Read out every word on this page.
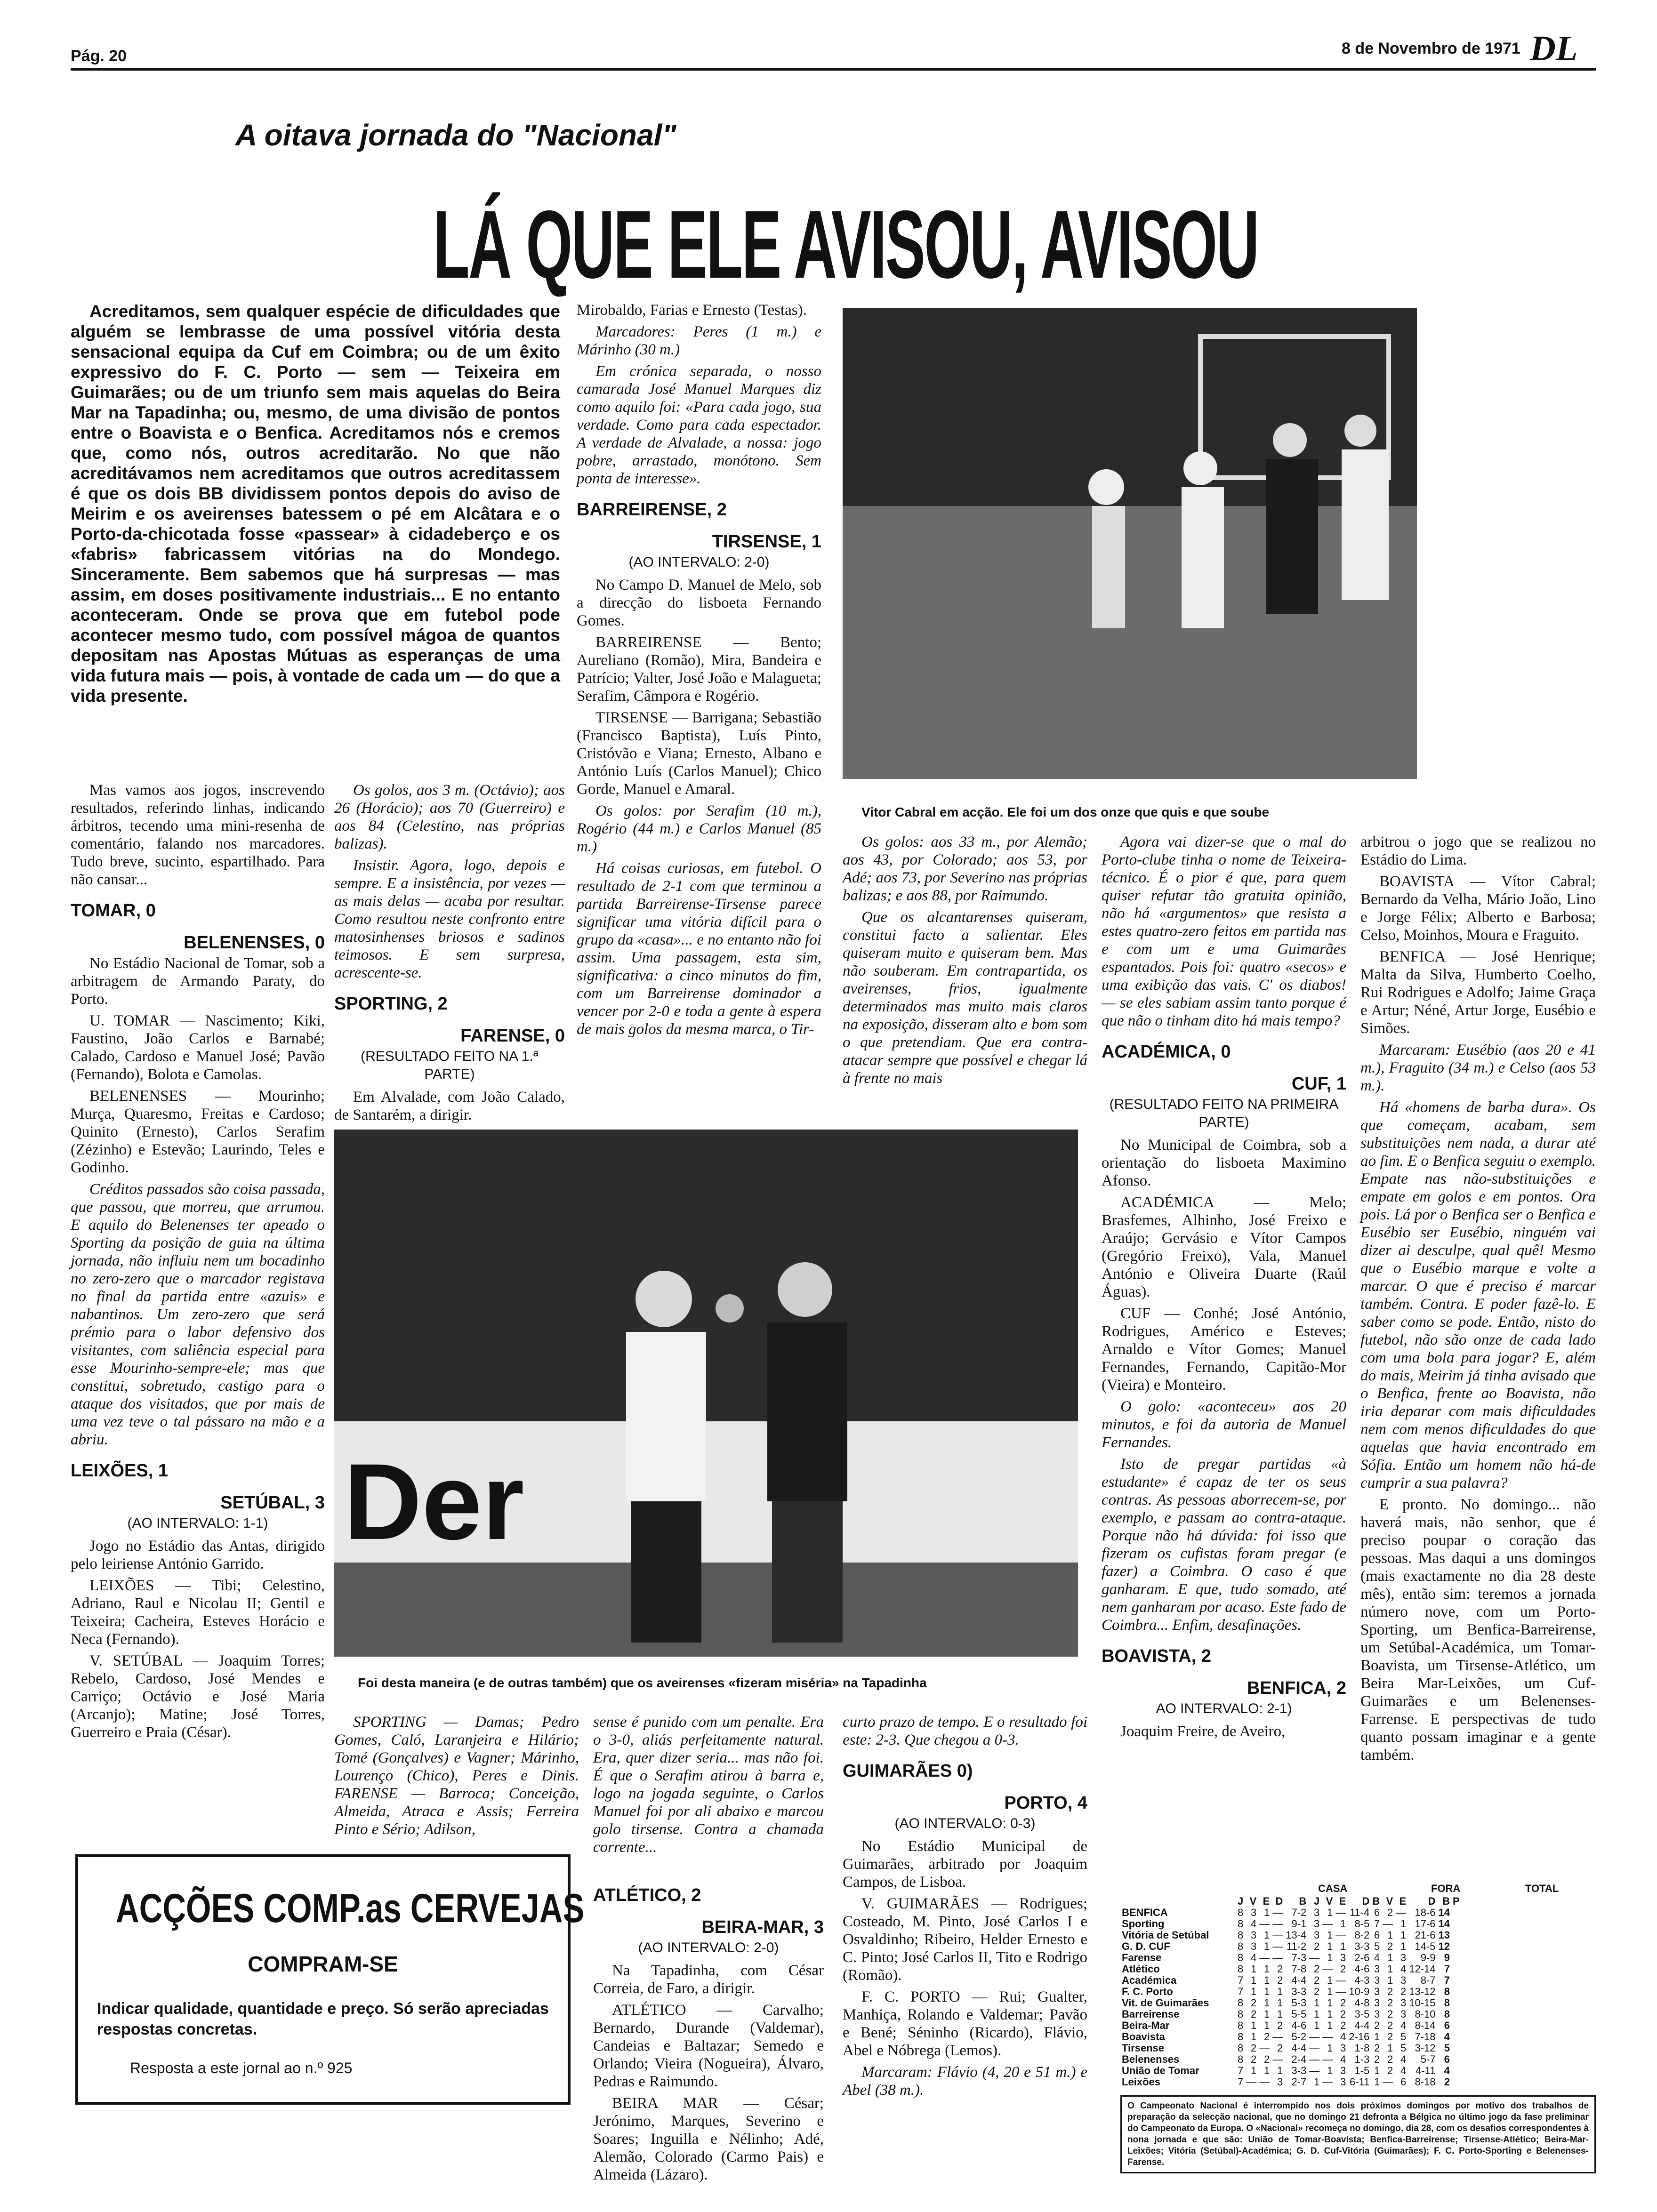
Pág. 20	8 de Novembro de 1971 DL
A oitava jornada do "Nacional"
LÁ QUE ELE AVISOU, AVISOU
Acreditamos, sem qualquer espécie de dificuldades que alguém se lembrasse de uma possível vitória desta sensacional equipa da Cuf em Coimbra; ou de um êxito expressivo do F. C. Porto — sem — Teixeira em Guimarães; ou de um triunfo sem mais aquelas do Beira Mar na Tapadinha; ou, mesmo, de uma divisão de pontos entre o Boavista e o Benfica. Acreditamos nós e cremos que, como nós, outros acreditarão. No que não acreditávamos nem acreditamos que outros acreditassem é que os dois BB dividissem pontos depois do aviso de Meirim e os aveirenses batessem o pé em Alcâtara e o Porto-da-chicotada fosse «passear» à cidadeberço e os «fabris» fabricassem vitórias na do Mondego. Sinceramente. Bem sabemos que há surpresas — mas assim, em doses positivamente industriais... E no entanto aconteceram. Onde se prova que em futebol pode acontecer mesmo tudo, com possível mágoa de quantos depositam nas Apostas Mútuas as esperanças de uma vida futura mais — pois, à vontade de cada um — do que a vida presente.

Mas vamos aos jogos, inscrevendo resultados, referindo linhas, indicando árbitros, tecendo uma mini-resenha de comentário, falando nos marcadores. Tudo breve, sucinto, espartilhado. Para não cansar...

TOMAR, 0
BELENENSES, 0

No Estádio Nacional de Tomar, sob a arbitragem de Armando Paraty, do Porto.

U. TOMAR — Nascimento; Kiki, Faustino, João Carlos e Barnabé; Calado, Cardoso e Manuel José; Pavão (Fernando), Bolota e Camolas.

BELENENSES — Mourinho; Murça, Quaresmo, Freitas e Cardoso; Quinito (Ernesto), Carlos Serafim (Zézinho) e Estevão; Laurindo, Teles e Godinho.

Créditos passados são coisa passada, que passou, que morreu, que arrumou. E aquilo do Belenenses ter apeado o Sporting da posição de guia na última jornada, não influiu nem um bocadinho no zero-zero que o marcador registava no final da partida entre «azuis» e nabantinos. Um zero-zero que será prémio para o labor defensivo dos visitantes, com saliência especial para esse Mourinho-sempre-ele; mas que constitui, sobretudo, castigo para o ataque dos visitados, que por mais de uma vez teve o tal pássaro na mão e a abriu.

LEIXÕES, 1
SETÚBAL, 3
(AO INTERVALO: 1-1)

Jogo no Estádio das Antas, dirigido pelo leiriense António Garrido.

LEIXÕES — Tibi; Celestino, Adriano, Raul e Nicolau II; Gentil e Teixeira; Cacheira, Esteves Horácio e Neca (Fernando).

V. SETÚBAL — Joaquim Torres; Rebelo, Cardoso, José Mendes e Carriço; Octávio e José Maria (Arcanjo); Matine; José Torres, Guerreiro e Praia (César).

Os golos, aos 3 m. (Octávio); aos 26 (Horácio); aos 70 (Guerreiro) e aos 84 (Celestino, nas próprias balizas).

Insistir. Agora, logo, depois e sempre. E a insistência, por vezes — as mais delas — acaba por resultar. Como resultou neste confronto entre matosinhenses briosos e sadinos teimosos. E sem surpresa, acrescente-se.

SPORTING, 2
FARENSE, 0
(RESULTADO FEITO NA 1.ª PARTE)

Em Alvalade, com João Calado, de Santarém, a dirigir.

Mirobaldo, Farias e Ernesto (Testas).

Marcadores: Peres (1 m.) e Márinho (30 m.)

Em crónica separada, o nosso camarada José Manuel Marques diz como aquilo foi: «Para cada jogo, sua verdade. Como para cada espectador. A verdade de Alvalade, a nossa: jogo pobre, arrastado, monótono. Sem ponta de interesse».

BARREIRENSE, 2
TIRSENSE, 1
(AO INTERVALO: 2-0)

No Campo D. Manuel de Melo, sob a direcção do lisboeta Fernando Gomes.

BARREIRENSE — Bento; Aureliano (Romão), Mira, Bandeira e Patrício; Valter, José João e Malagueta; Serafim, Câmpora e Rogério.

TIRSENSE — Barrigana; Sebastião (Francisco Baptista), Luís Pinto, Cristóvão e Viana; Ernesto, Albano e António Luís (Carlos Manuel); Chico Gorde, Manuel e Amaral.

Os golos: por Serafim (10 m.), Rogério (44 m.) e Carlos Manuel (85 m.)

Há coisas curiosas, em futebol. O resultado de 2-1 com que terminou a partida Barreirense-Tirsense parece significar uma vitória difícil para o grupo da «casa»... e no entanto não foi assim. Uma passagem, esta sim, significativa: a cinco minutos do fim, com um Barreirense dominador a vencer por 2-0 e toda a gente à espera de mais golos da mesma marca, o Tir-

Vitor Cabral em acção. Ele foi um dos onze que quis e que soube

Os golos: aos 33 m., por Alemão; aos 43, por Colorado; aos 53, por Adé; aos 73, por Severino nas próprias balizas; e aos 88, por Raimundo.

Que os alcantarenses quiseram, constitui facto a salientar. Eles quiseram muito e quiseram bem. Mas não souberam. Em contrapartida, os aveirenses, frios, igualmente determinados mas muito mais claros na exposição, disseram alto e bom som o que pretendiam. Que era contra-atacar sempre que possível e chegar lá à frente no mais

Agora vai dizer-se que o mal do Porto-clube tinha o nome de Teixeira-técnico. É o pior é que, para quem quiser refutar tão gratuita opinião, não há «argumentos» que resista a estes quatro-zero feitos em partida nas e com um e uma Guimarães espantados. Pois foi: quatro «secos» e uma exibição das vais. C' os diabos! — se eles sabiam assim tanto porque é que não o tinham dito há mais tempo?

ACADÉMICA, 0
CUF, 1
(RESULTADO FEITO NA PRIMEIRA PARTE)

No Municipal de Coimbra, sob a orientação do lisboeta Maximino Afonso.

ACADÉMICA — Melo; Brasfemes, Alhinho, José Freixo e Araújo; Gervásio e Vítor Campos (Gregório Freixo), Vala, Manuel António e Oliveira Duarte (Raúl Águas).

CUF — Conhé; José António, Rodrigues, Américo e Esteves; Arnaldo e Vítor Gomes; Manuel Fernandes, Fernando, Capitão-Mor (Vieira) e Monteiro.

O golo: «aconteceu» aos 20 minutos, e foi da autoria de Manuel Fernandes.

Isto de pregar partidas «à estudante» é capaz de ter os seus contras. As pessoas aborrecem-se, por exemplo, e passam ao contra-ataque. Porque não há dúvida: foi isso que fizeram os cufistas foram pregar (e fazer) a Coimbra. O caso é que ganharam. E que, tudo somado, até nem ganharam por acaso. Este fado de Coimbra... Enfim, desafinações.

BOAVISTA, 2
BENFICA, 2
AO INTERVALO: 2-1)

Joaquim Freire, de Aveiro,

arbitrou o jogo que se realizou no Estádio do Lima.

BOAVISTA — Vítor Cabral; Bernardo da Velha, Mário João, Lino e Jorge Félix; Alberto e Barbosa; Celso, Moinhos, Moura e Fraguito.

BENFICA — José Henrique; Malta da Silva, Humberto Coelho, Rui Rodrigues e Adolfo; Jaime Graça e Artur; Néné, Artur Jorge, Eusébio e Simões.

Marcaram: Eusébio (aos 20 e 41 m.), Fraguito (34 m.) e Celso (aos 53 m.).

Há «homens de barba dura». Os que começam, acabam, sem substituições nem nada, a durar até ao fim. E o Benfica seguiu o exemplo. Empate nas não-substituições e empate em golos e em pontos. Ora pois. Lá por o Benfica ser o Benfica e Eusébio ser Eusébio, ninguém vai dizer ai desculpe, qual quê! Mesmo que o Eusébio marque e volte a marcar. O que é preciso é marcar também. Contra. E poder fazê-lo. E saber como se pode. Então, nisto do futebol, não são onze de cada lado com uma bola para jogar? E, além do mais, Meirim já tinha avisado que o Benfica, frente ao Boavista, não iria deparar com mais dificuldades nem com menos dificuldades do que aquelas que havia encontrado em Sófia. Então um homem não há-de cumprir a sua palavra?

E pronto. No domingo... não haverá mais, não senhor, que é preciso poupar o coração das pessoas. Mas daqui a uns domingos (mais exactamente no dia 28 deste mês), então sim: teremos a jornada número nove, com um Porto-Sporting, um Benfica-Barreirense, um Setúbal-Académica, um Tomar-Boavista, um Tirsense-Atlético, um Beira Mar-Leixões, um Cuf-Guimarães e um Belenenses-Farrense. E perspectivas de tudo quanto possam imaginar e a gente também.

Der
Foi desta maneira (e de outras também) que os aveirenses «fizeram miséria» na Tapadinha

SPORTING — Damas; Pedro Gomes, Caló, Laranjeira e Hilário; Tomé (Gonçalves) e Vagner; Márinho, Lourenço (Chico), Peres e Dinis. FARENSE — Barroca; Conceição, Almeida, Atraca e Assis; Ferreira Pinto e Sério; Adilson,

sense é punido com um penalte. Era o 3-0, aliás perfeitamente natural. Era, quer dizer seria... mas não foi. É que o Serafim atirou à barra e, logo na jogada seguinte, o Carlos Manuel foi por ali abaixo e marcou golo tirsense. Contra a chamada corrente...

curto prazo de tempo. E o resultado foi este: 2-3. Que chegou a 0-3.

GUIMARÃES 0)
PORTO, 4
(AO INTERVALO: 0-3)

No Estádio Municipal de Guimarães, arbitrado por Joaquim Campos, de Lisboa.

V. GUIMARÃES — Rodrigues; Costeado, M. Pinto, José Carlos I e Osvaldinho; Ribeiro, Helder Ernesto e C. Pinto; José Carlos II, Tito e Rodrigo (Romão).

F. C. PORTO — Rui; Gualter, Manhiça, Rolando e Valdemar; Pavão e Bené; Séninho (Ricardo), Flávio, Abel e Nóbrega (Lemos).

Marcaram: Flávio (4, 20 e 51 m.) e Abel (38 m.).

ATLÉTICO, 2
BEIRA-MAR, 3
(AO INTERVALO: 2-0)

Na Tapadinha, com César Correia, de Faro, a dirigir.

ATLÉTICO — Carvalho; Bernardo, Durande (Valdemar), Candeias e Baltazar; Semedo e Orlando; Vieira (Nogueira), Álvaro, Pedras e Raimundo.

BEIRA MAR — César; Jerónimo, Marques, Severino e Soares; Inguilla e Nélinho; Adé, Alemão, Colorado (Carmo Pais) e Almeida (Lázaro).

ACÇÕES COMP.as CERVEJAS
COMPRAM-SE
Indicar qualidade, quantidade e preço. Só serão apreciadas respostas concretas.
Resposta a este jornal ao n.º 925
CASA	FORA	TOTAL
	J	V	E	D	B	J	V	E	D	B	V	E	D	B	P
BENFICA	8	3	1	—	7-2	3	1	—	11-4	6	2	—	18-6	14	
Sporting	8	4	—	—	9-1	3	—	1	8-5	7	—	1	17-6	14	
Vitória de Setúbal	8	3	1	—	13-4	3	1	—	8-2	6	1	1	21-6	13	
G. D. CUF	8	3	1	—	11-2	2	1	1	3-3	5	2	1	14-5	12	
Farense	8	4	—	—	7-3	—	1	3	2-6	4	1	3	9-9	9	
Atlético	8	1	1	2	7-8	2	—	2	4-6	3	1	4	12-14	7	
Académica	7	1	1	2	4-4	2	1	—	4-3	3	1	3	8-7	7	
F. C. Porto	7	1	1	1	3-3	2	1	—	10-9	3	2	2	13-12	8	
Vit. de Guimarães	8	2	1	1	5-3	1	1	2	4-8	3	2	3	10-15	8	
Barreirense	8	2	1	1	5-5	1	1	2	3-5	3	2	3	8-10	8	
Beira-Mar	8	1	1	2	4-6	1	1	2	4-4	2	2	4	8-14	6	
Boavista	8	1	2	—	5-2	—	—	4	2-16	1	2	5	7-18	4	
Tirsense	8	2	—	2	4-4	—	1	3	1-8	2	1	5	3-12	5	
Belenenses	8	2	2	—	2-4	—	—	4	1-3	2	2	4	5-7	6	
União de Tomar	7	1	1	1	3-3	—	1	3	1-5	1	2	4	4-11	4	
Leixões	7	—	—	3	2-7	1	—	3	6-11	1	—	6	8-18	2	
O Campeonato Nacional é interrompido nos dois próximos domingos por motivo dos trabalhos de preparação da selecção nacional, que no domingo 21 defronta a Bélgica no último jogo da fase preliminar do Campeonato da Europa. O «Nacional» recomeça no domingo, dia 28, com os desafios correspondentes à nona jornada e que são: União de Tomar-Boavista; Benfica-Barreirense; Tirsense-Atlético; Beira-Mar-Leixões; Vitória (Setúbal)-Académica; G. D. Cuf-Vitória (Guimarães); F. C. Porto-Sporting e Belenenses-Farense.
